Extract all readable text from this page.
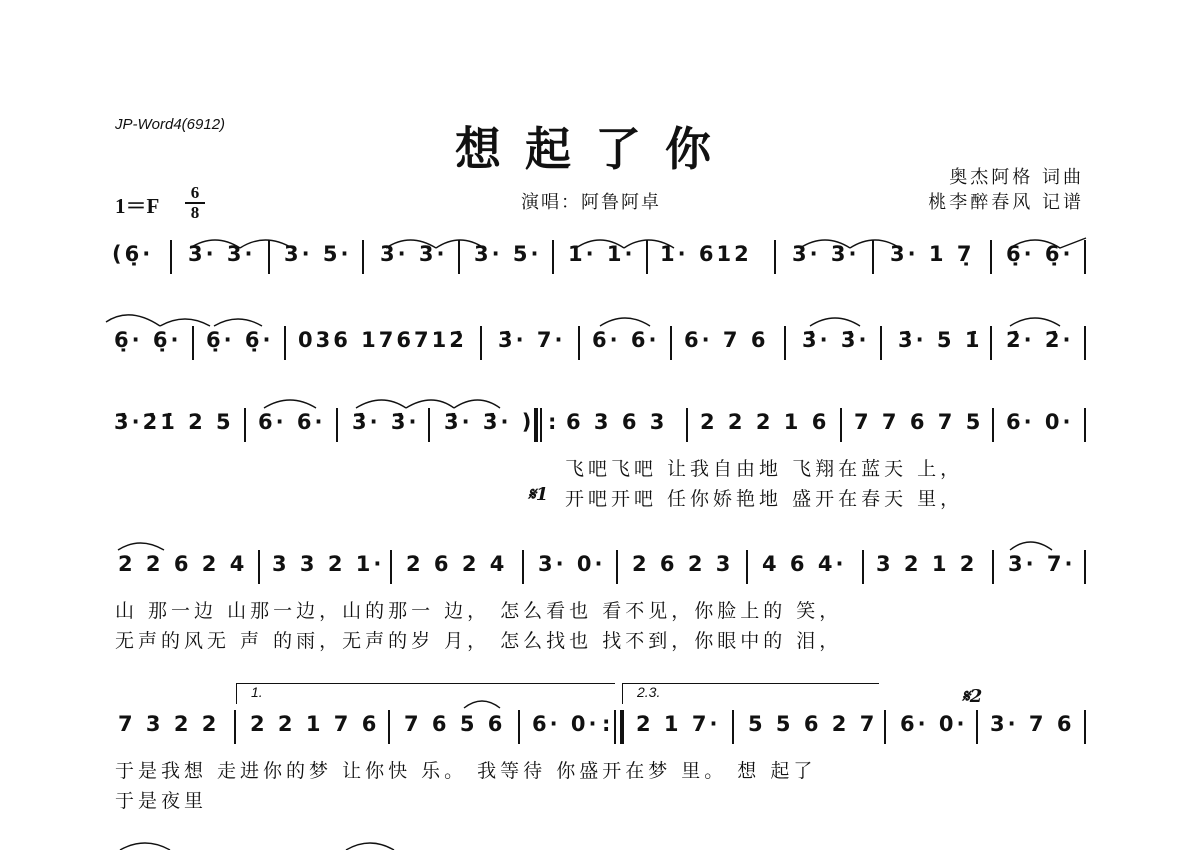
JP-Word4(6912)	想起了你
奥杰阿格 词曲
演唱：阿鲁阿卓	桃李醉春风 记谱
1＝F
6
8
(6̣· 3· 3· 3· 5· 3· 3· 3· 5· 1· 1· 1· 612 3· 3· 3· 1 7̣ 6̣· 6̣·
6̣· 6̣· 6̣· 6̣· 036 176712̇ 3̇· 7· 6· 6· 6· 7 6 3̇· 3̇· 3̇· 5 1̇ 2̇· 2̇·
3̇·2̇1̇ 2 5 6· 6· 3̇· 3̇· 3̇· 3̇· ) : 6 3 6 3 2 2 2 1 6 7 7 6 7 5 6· 0·
飞吧飞吧 让我自由地 飞翔在蓝天 上，
𝄋1 开吧开吧 任你娇艳地 盛开在春天 里，
2 2 6 2 4 3 3 2 1· 2 6 2 4 3· 0· 2 6 2 3 4 6 4· 3 2 1 2 3· 7·
山 那一边 山那一边，山的那一 边， 怎么看也 看不见，你脸上的 笑，
无声的风无 声 的雨，无声的岁 月， 怎么找也 找不到，你眼中的 泪，
1.	2.3.	𝄋2
7 3 2 2 2 2 1 7 6 7 6 5 6 6· 0· : 2 1 7· 5 5 6 2 7 6· 0· 3· 7 6
于是我想 走进你的梦 让你快 乐。 我等待 你盛开在梦 里。 想 起了
于是夜里
